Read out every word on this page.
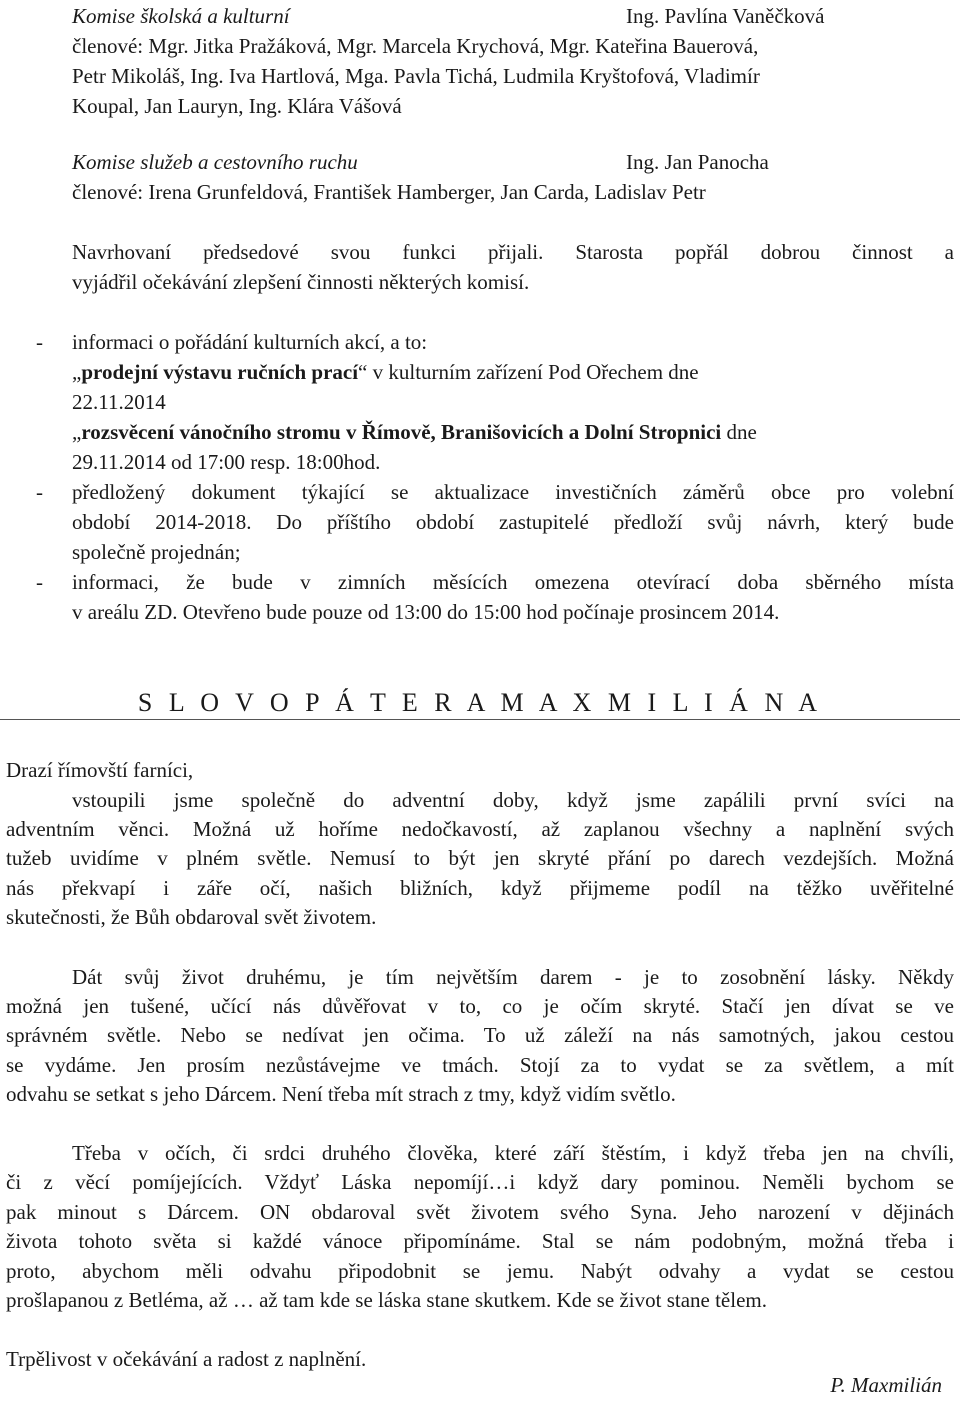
Komise školská a kulturní	Ing. Pavlína Vaněčková
členové: Mgr. Jitka Pražáková, Mgr. Marcela Krychová, Mgr. Kateřina Bauerová,
Petr Mikoláš, Ing. Iva Hartlová, Mga. Pavla Tichá, Ludmila Kryštofová, Vladimír
Koupal, Jan Lauryn, Ing. Klára Vášová
Komise služeb a cestovního ruchu	Ing. Jan Panocha
členové: Irena Grunfeldová, František Hamberger, Jan Carda, Ladislav Petr
Navrhovaní předsedové svou funkci přijali. Starosta popřál dobrou činnost a
vyjádřil očekávání zlepšení činnosti některých komisí.
- informaci o pořádání kulturních akcí, a to:
„prodejní výstavu ručních prací“ v kulturním zařízení Pod Ořechem dne
22.11.2014
„rozsvěcení vánočního stromu v Římově, Branišovicích a Dolní Stropnici dne
29.11.2014 od 17:00 resp. 18:00hod.
- předložený dokument týkající se aktualizace investičních záměrů obce pro volební
období 2014-2018. Do příštího období zastupitelé předloží svůj návrh, který bude
společně projednán;
- informaci, že bude v zimních měsících omezena otevírací doba sběrného místa
v areálu ZD. Otevřeno bude pouze od 13:00 do 15:00 hod počínaje prosincem 2014.
S L O V O P Á T E R A M A X M I L I Á N A
Drazí římovští farníci,
vstoupili jsme společně do adventní doby, když jsme zapálili první svíci na
adventním věnci. Možná už hoříme nedočkavostí, až zaplanou všechny a naplnění svých
tužeb uvidíme v plném světle. Nemusí to být jen skryté přání po darech vezdejších. Možná
nás překvapí i záře očí, našich bližních, když přijmeme podíl na těžko uvěřitelné
skutečnosti, že Bůh obdaroval svět životem.
Dát svůj život druhému, je tím největším darem - je to zosobnění lásky. Někdy
možná jen tušené, učící nás důvěřovat v to, co je očím skryté. Stačí jen dívat se ve
správném světle. Nebo se nedívat jen očima. To už záleží na nás samotných, jakou cestou
se vydáme. Jen prosím nezůstávejme ve tmách. Stojí za to vydat se za světlem, a mít
odvahu se setkat s jeho Dárcem. Není třeba mít strach z tmy, když vidím světlo.
Třeba v očích, či srdci druhého člověka, které září štěstím, i když třeba jen na chvíli,
či z věcí pomíjejících. Vždyť Láska nepomíjí…i když dary pominou. Neměli bychom se
pak minout s Dárcem. ON obdaroval svět životem svého Syna. Jeho narození v dějinách
života tohoto světa si každé vánoce připomínáme. Stal se nám podobným, možná třeba i
proto, abychom měli odvahu připodobnit se jemu. Nabýt odvahy a vydat se cestou
prošlapanou z Betléma, až … až tam kde se láska stane skutkem. Kde se život stane tělem.
Trpělivost v očekávání a radost z naplnění.
P. Maxmilián
